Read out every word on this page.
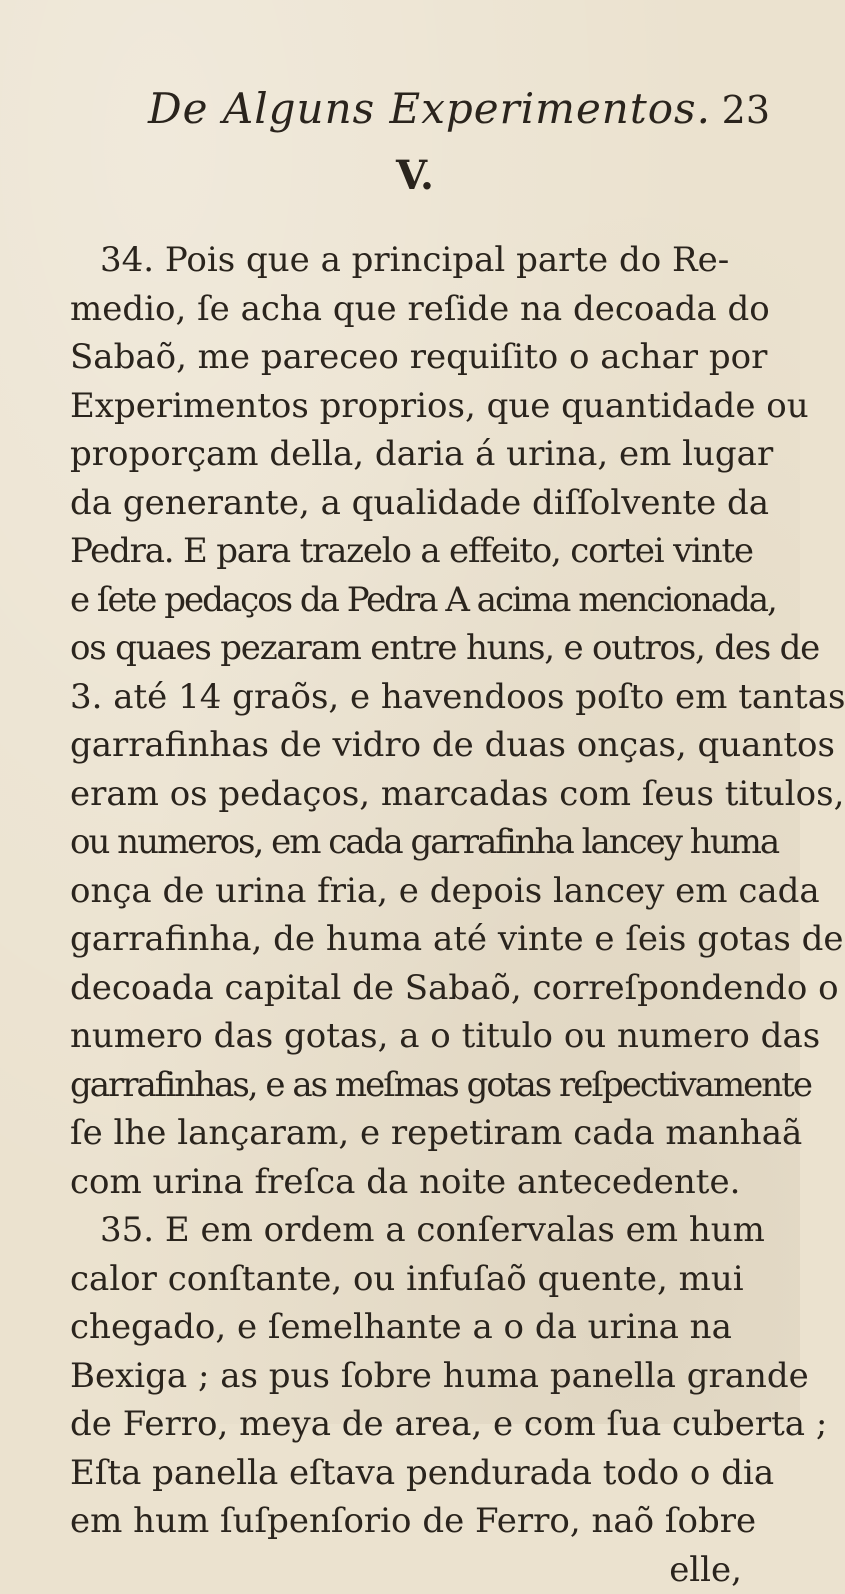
De Alguns Experimentos. 23
V.
34. Pois que a principal parte do Re-
medio, ſe acha que reſide na decoada do
Sabaõ, me pareceo requiſito o achar por
Experimentos proprios, que quantidade ou
proporçam della, daria á urina, em lugar
da generante, a qualidade diſſolvente da
Pedra. E para trazelo a effeito, cortei vinte
e ſete pedaços da Pedra A acima mencionada,
os quaes pezaram entre huns, e outros, des de
3. até 14 graõs, e havendoos poſto em tantas
garrafinhas de vidro de duas onças, quantos
eram os pedaços, marcadas com ſeus titulos,
ou numeros, em cada garrafinha lancey huma
onça de urina fria, e depois lancey em cada
garrafinha, de huma até vinte e ſeis gotas de
decoada capital de Sabaõ, correſpondendo o
numero das gotas, a o titulo ou numero das
garrafinhas, e as meſmas gotas reſpectivamente
ſe lhe lançaram, e repetiram cada manhaã
com urina freſca da noite antecedente.
35. E em ordem a conſervalas em hum
calor conſtante, ou infuſaõ quente, mui
chegado, e ſemelhante a o da urina na
Bexiga ; as pus ſobre huma panella grande
de Ferro, meya de area, e com ſua cuberta ;
Eſta panella eſtava pendurada todo o dia
em hum ſuſpenſorio de Ferro, naõ ſobre
elle,
